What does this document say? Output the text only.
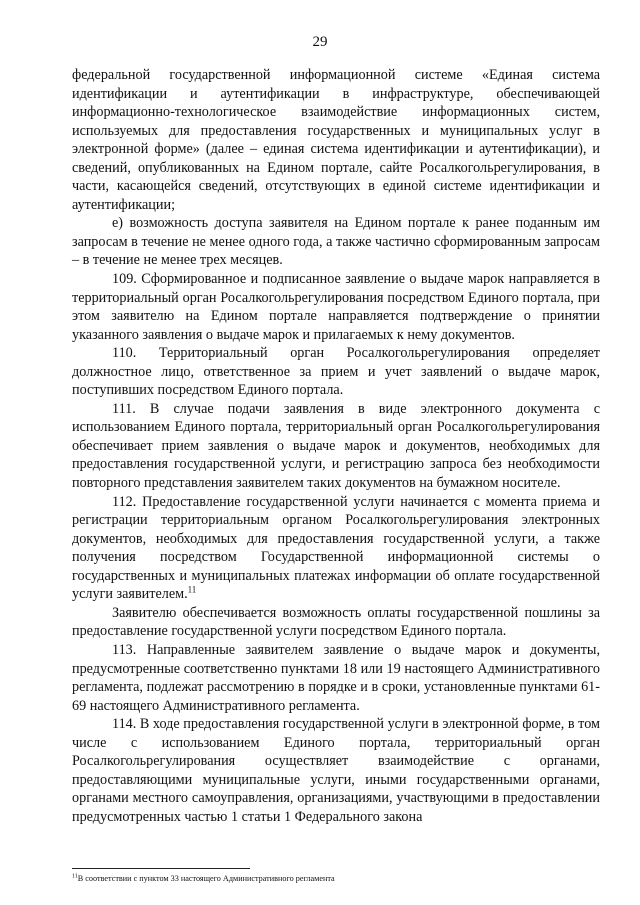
29

федеральной государственной информационной системе «Единая система идентификации и аутентификации в инфраструктуре, обеспечивающей информационно-технологическое взаимодействие информационных систем, используемых для предоставления государственных и муниципальных услуг в электронной форме» (далее – единая система идентификации и аутентификации), и сведений, опубликованных на Едином портале, сайте Росалкогольрегулирования, в части, касающейся сведений, отсутствующих в единой системе идентификации и аутентификации;

е) возможность доступа заявителя на Едином портале к ранее поданным им запросам в течение не менее одного года, а также частично сформированным запросам – в течение не менее трех месяцев.

109. Сформированное и подписанное заявление о выдаче марок направляется в территориальный орган Росалкогольрегулирования посредством Единого портала, при этом заявителю на Едином портале направляется подтверждение о принятии указанного заявления о выдаче марок и прилагаемых к нему документов.

110. Территориальный орган Росалкогольрегулирования определяет должностное лицо, ответственное за прием и учет заявлений о выдаче марок, поступивших посредством Единого портала.

111. В случае подачи заявления в виде электронного документа с использованием Единого портала, территориальный орган Росалкогольрегулирования обеспечивает прием заявления о выдаче марок и документов, необходимых для предоставления государственной услуги, и регистрацию запроса без необходимости повторного представления заявителем таких документов на бумажном носителе.

112. Предоставление государственной услуги начинается с момента приема и регистрации территориальным органом Росалкогольрегулирования электронных документов, необходимых для предоставления государственной услуги, а также получения посредством Государственной информационной системы о государственных и муниципальных платежах информации об оплате государственной услуги заявителем.$^{11}$

Заявителю обеспечивается возможность оплаты государственной пошлины за предоставление государственной услуги посредством Единого портала.

113. Направленные заявителем заявление о выдаче марок и документы, предусмотренные соответственно пунктами 18 или 19 настоящего Административного регламента, подлежат рассмотрению в порядке и в сроки, установленные пунктами 61-69 настоящего Административного регламента.

114. В ходе предоставления государственной услуги в электронной форме, в том числе с использованием Единого портала, территориальный орган Росалкогольрегулирования осуществляет взаимодействие с органами, предоставляющими муниципальные услуги, иными государственными органами, органами местного самоуправления, организациями, участвующими в предоставлении предусмотренных частью 1 статьи 1 Федерального закона

$^{11}$В соответствии с пунктом 33 настоящего Административного регламента
